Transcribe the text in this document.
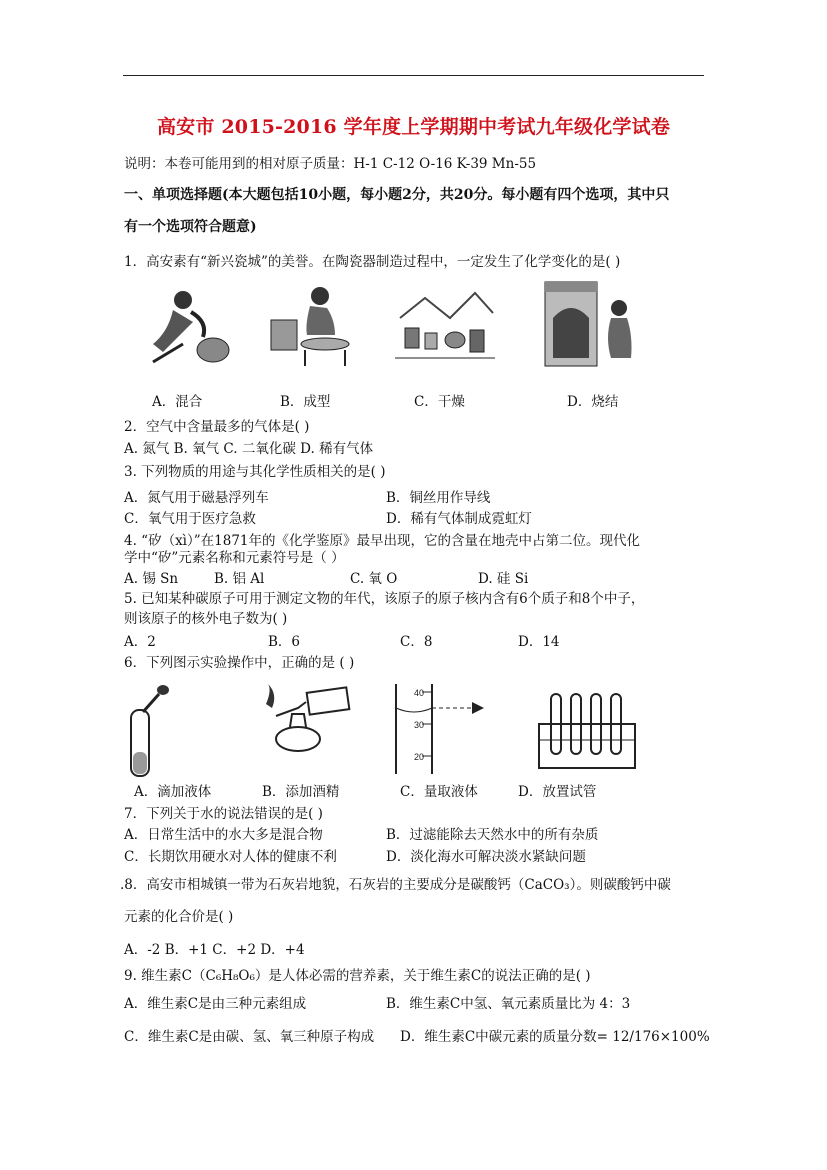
高安市 2015-2016 学年度上学期期中考试九年级化学试卷
说明：本卷可能用到的相对原子质量：H-1 C-12 O-16 K-39 Mn-55
一、单项选择题(本大题包括10小题，每小题2分，共20分。每小题有四个选项，其中只
有一个选项符合题意)
1．高安素有“新兴瓷城”的美誉。在陶瓷器制造过程中，一定发生了化学变化的是( )
A．混合	B．成型	C．干燥	D．烧结
2．空气中含量最多的气体是( )
A. 氮气 B. 氧气 C. 二氧化碳 D. 稀有气体
3. 下列物质的用途与其化学性质相关的是( )
A．氮气用于磁悬浮列车	B．铜丝用作导线
C．氧气用于医疗急救	D．稀有气体制成霓虹灯
4. “矽（xì）”在1871年的《化学鉴原》最早出现，它的含量在地壳中占第二位。现代化
学中“矽”元素名称和元素符号是（ ）
A. 锡 Sn	B. 铝 Al	C. 氧 O	D. 硅 Si
5. 已知某种碳原子可用于测定文物的年代，该原子的原子核内含有6个质子和8个中子，
则该原子的核外电子数为( )
A．2	B．6	C．8	D．14
6．下列图示实验操作中，正确的是 ( )
40
30
20
A．滴加液体	B．添加酒精	C．量取液体	D．放置试管
7．下列关于水的说法错误的是( )
A．日常生活中的水大多是混合物	B．过滤能除去天然水中的所有杂质
C．长期饮用硬水对人体的健康不利	D．淡化海水可解决淡水紧缺问题
.8．高安市相城镇一带为石灰岩地貌，石灰岩的主要成分是碳酸钙（CaCO₃）。则碳酸钙中碳
元素的化合价是( )
A．-2 B．+1 C．+2 D．+4
9. 维生素C（C₆H₈O₆）是人体必需的营养素，关于维生素C的说法正确的是( )
A．维生素C是由三种元素组成	B．维生素C中氢、氧元素质量比为 4：3
C．维生素C是由碳、氢、氧三种原子构成 D．维生素C中碳元素的质量分数= 12/176×100%
